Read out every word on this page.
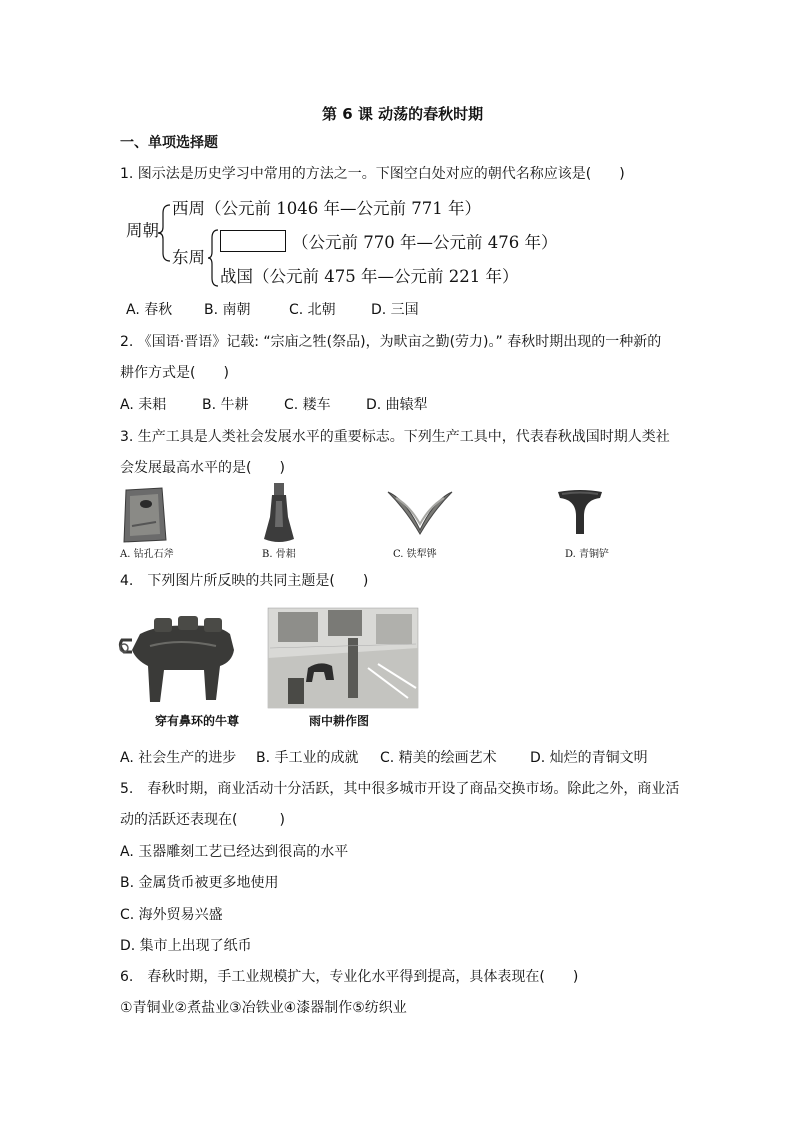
第 6 课 动荡的春秋时期
一、单项选择题
1. 图示法是历史学习中常用的方法之一。下图空白处对应的朝代名称应该是(　　)
周朝
西周（公元前 1046 年—公元前 771 年）
东周
（公元前 770 年—公元前 476 年）
战国（公元前 475 年—公元前 221 年）
A. 春秋 B. 南朝	C. 北朝	D. 三国
2. 《国语·晋语》记载: “宗庙之牲(祭品)，为畎亩之勤(劳力)。” 春秋时期出现的一种新的
耕作方式是(　　)
A. 耒耜	B. 牛耕	C. 耧车	D. 曲辕犁
3. 生产工具是人类社会发展水平的重要标志。下列生产工具中，代表春秋战国时期人类社
会发展最高水平的是(　　)
A. 钻孔石斧	B. 骨耜	C. 铁犁铧	D. 青铜铲
4.　下列图片所反映的共同主题是(　　)
穿有鼻环的牛尊	雨中耕作图
A. 社会生产的进步 B. 手工业的成就 C. 精美的绘画艺术 D. 灿烂的青铜文明
5.　春秋时期，商业活动十分活跃，其中很多城市开设了商品交换市场。除此之外，商业活
动的活跃还表现在(　　　)
A. 玉器雕刻工艺已经达到很高的水平
B. 金属货币被更多地使用
C. 海外贸易兴盛
D. 集市上出现了纸币
6.　春秋时期，手工业规模扩大，专业化水平得到提高，具体表现在(　　)
①青铜业②煮盐业③冶铁业④漆器制作⑤纺织业
